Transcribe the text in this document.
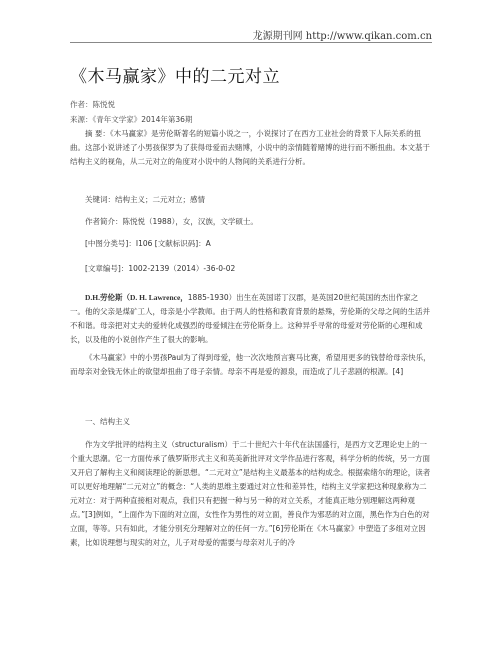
龙源期刊网 http://www.qikan.com.cn
《木马赢家》中的二元对立
作者：陈悦悦
来源：《青年文学家》2014年第36期

摘 要：《木马赢家》是劳伦斯著名的短篇小说之一，小说探讨了在西方工业社会的背景下人际关系的扭曲。这部小说讲述了小男孩保罗为了获得母爱而去赌博，小说中的亲情随着赌博的进行而不断扭曲。本文基于结构主义的视角，从二元对立的角度对小说中的人物间的关系进行分析。

关键词：结构主义；二元对立；感情

作者简介：陈悦悦（1988），女，汉族，文学硕士。

[中图分类号]：I106 [文献标识码]：A

[文章编号]：1002-2139（2014）-36-0-02

D.H.劳伦斯（D. H. Lawrence，1885-1930）出生在英国诺丁汉郡，是英国20世纪英国的杰出作家之一。他的父亲是煤矿工人，母亲是小学教师。由于两人的性格和教育背景的悬殊，劳伦斯的父母之间的生活并不和谐。母亲把对丈夫的爱转化成强烈的母爱倾注在劳伦斯身上。这种异乎寻常的母爱对劳伦斯的心理和成长，以及他的小说创作产生了很大的影响。

《木马赢家》中的小男孩Paul为了得到母爱，他一次次地预言赛马比赛，希望用更多的钱替给母亲快乐，而母亲对金钱无休止的欲望却扭曲了母子亲情。母亲不再是爱的源泉，而造成了儿子悲剧的根源。[4]

一、结构主义

作为文学批评的结构主义（structuralism）于二十世纪六十年代在法国盛行，是西方文艺理论史上的一个重大思潮。它一方面传承了俄罗斯形式主义和英美新批评对文学作品进行客观，科学分析的传统，另一方面又开启了解构主义和阅读理论的新思想。“二元对立”是结构主义最基本的结构成念。根据索绪尔的理论，读者可以更好地理解“二元对立”的概念：“人类的思维主要通过对立性和差异性，结构主义学家把这种现象称为二元对立：对于两种直接相对观点，我们只有把握一种与另一种的对立关系，才能真正地分别理解这两种观点。”[3]例如，“上面作为下面的对立面，女性作为男性的对立面，善良作为邪恶的对立面，黑色作为白色的对立面，等等。只有如此，才能分别充分理解对立的任何一方。”[6]劳伦斯在《木马赢家》中塑造了多组对立因素，比如说理想与现实的对立，儿子对母爱的需要与母亲对儿子的冷
